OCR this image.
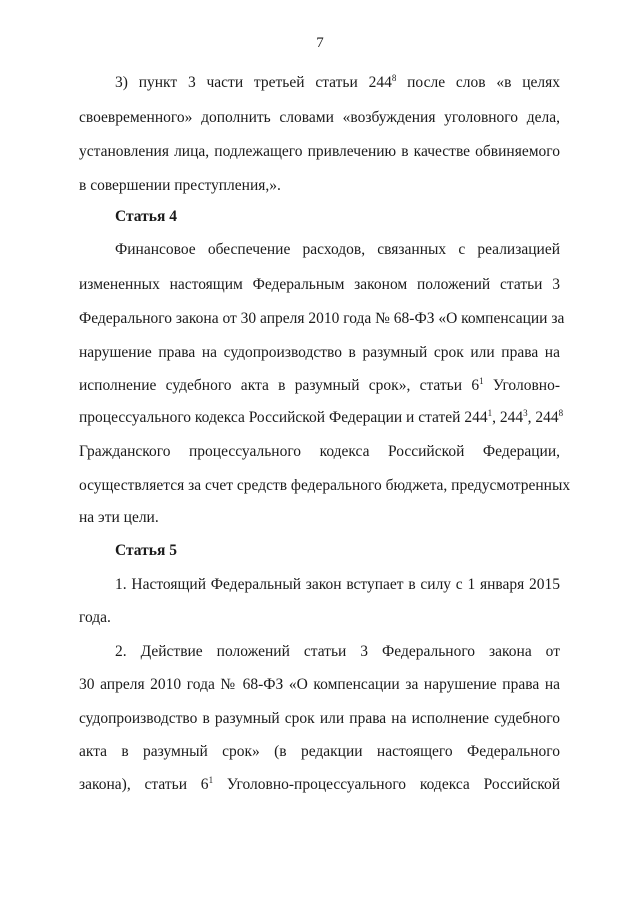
7
3) пункт 3 части третьей статьи $244^8$ после слов «в целях
своевременного» дополнить словами «возбуждения уголовного дела,
установления лица, подлежащего привлечению в качестве обвиняемого
в совершении преступления,».
Статья 4
Финансовое обеспечение расходов, связанных с реализацией
измененных настоящим Федеральным законом положений статьи 3
Федерального закона от 30 апреля 2010 года № 68-ФЗ «О компенсации за
нарушение права на судопроизводство в разумный срок или права на
исполнение судебного акта в разумный срок», статьи $6^1$ Уголовно-
процессуального кодекса Российской Федерации и статей $244^1$, $244^3$, $244^8$
Гражданского процессуального кодекса Российской Федерации,
осуществляется за счет средств федерального бюджета, предусмотренных
на эти цели.
Статья 5
1. Настоящий Федеральный закон вступает в силу с 1 января 2015
года.
2. Действие положений статьи 3 Федерального закона от
30 апреля 2010 года № 68-ФЗ «О компенсации за нарушение права на
судопроизводство в разумный срок или права на исполнение судебного
акта в разумный срок» (в редакции настоящего Федерального
закона), статьи $6^1$ Уголовно-процессуального кодекса Российской
